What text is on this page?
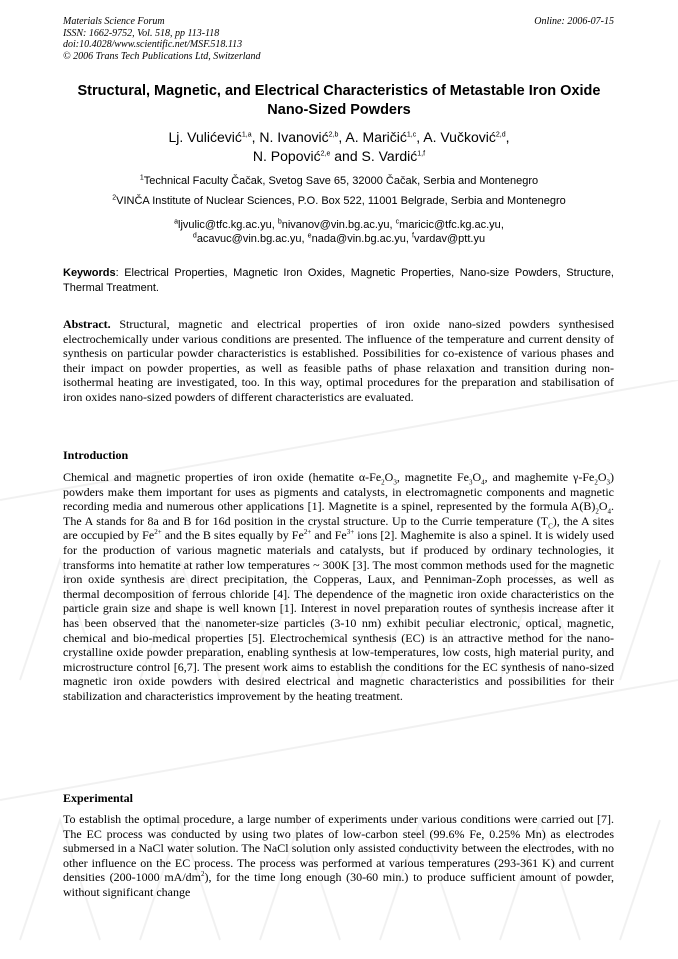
Materials Science Forum
ISSN: 1662-9752, Vol. 518, pp 113-118
doi:10.4028/www.scientific.net/MSF.518.113
© 2006 Trans Tech Publications Ltd, Switzerland
Online: 2006-07-15
Structural, Magnetic, and Electrical Characteristics of Metastable Iron Oxide Nano-Sized Powders
Lj. Vulićević$^{1,a}$, N. Ivanović$^{2,b}$, A. Maričić$^{1,c}$, A. Vučković$^{2,d}$,
N. Popović$^{2,e}$ and S. Vardić$^{1,f}$
$^1$Technical Faculty Čačak, Svetog Save 65, 32000 Čačak, Serbia and Montenegro
$^2$VINČA Institute of Nuclear Sciences, P.O. Box 522, 11001 Belgrade, Serbia and Montenegro
$^a$ljvulic@tfc.kg.ac.yu, $^b$nivanov@vin.bg.ac.yu, $^c$maricic@tfc.kg.ac.yu,
$^d$acavuc@vin.bg.ac.yu, $^e$nada@vin.bg.ac.yu, $^f$vardav@ptt.yu
Keywords: Electrical Properties, Magnetic Iron Oxides, Magnetic Properties, Nano-size Powders, Structure, Thermal Treatment.
Abstract. Structural, magnetic and electrical properties of iron oxide nano-sized powders synthesised electrochemically under various conditions are presented. The influence of the temperature and current density of synthesis on particular powder characteristics is established. Possibilities for co-existence of various phases and their impact on powder properties, as well as feasible paths of phase relaxation and transition during non-isothermal heating are investigated, too. In this way, optimal procedures for the preparation and stabilisation of iron oxides nano-sized powders of different characteristics are evaluated.
Introduction
Chemical and magnetic properties of iron oxide (hematite $\alpha-Fe_2O_3$, magnetite $Fe_3O_4$, and maghemite $\gamma-Fe_2O_3$) powders make them important for uses as pigments and catalysts, in electromagnetic components and magnetic recording media and numerous other applications [1]. Magnetite is a spinel, represented by the formula $A(B)_2O_4$. The A stands for 8a and B for 16d position in the crystal structure. Up to the Currie temperature $(T_C)$, the A sites are occupied by $Fe^{2+}$ and the B sites equally by $Fe^{2+}$ and $Fe^{3+}$ ions [2]. Maghemite is also a spinel. It is widely used for the production of various magnetic materials and catalysts, but if produced by ordinary technologies, it transforms into hematite at rather low temperatures ~ 300K [3]. The most common methods used for the magnetic iron oxide synthesis are direct precipitation, the Copperas, Laux, and Penniman-Zoph processes, as well as thermal decomposition of ferrous chloride [4]. The dependence of the magnetic iron oxide characteristics on the particle grain size and shape is well known [1]. Interest in novel preparation routes of synthesis increase after it has been observed that the nanometer-size particles (3-10 nm) exhibit peculiar electronic, optical, magnetic, chemical and bio-medical properties [5]. Electrochemical synthesis (EC) is an attractive method for the nano-crystalline oxide powder preparation, enabling synthesis at low-temperatures, low costs, high material purity, and microstructure control [6,7]. The present work aims to establish the conditions for the EC synthesis of nano-sized magnetic iron oxide powders with desired electrical and magnetic characteristics and possibilities for their stabilization and characteristics improvement by the heating treatment.
Experimental
To establish the optimal procedure, a large number of experiments under various conditions were carried out [7]. The EC process was conducted by using two plates of low-carbon steel (99.6% Fe, 0.25% Mn) as electrodes submersed in a NaCl water solution. The NaCl solution only assisted conductivity between the electrodes, with no other influence on the EC process. The process was performed at various temperatures (293-361 K) and current densities (200-1000 $mA/dm^2$), for the time long enough (30-60 min.) to produce sufficient amount of powder, without significant change
